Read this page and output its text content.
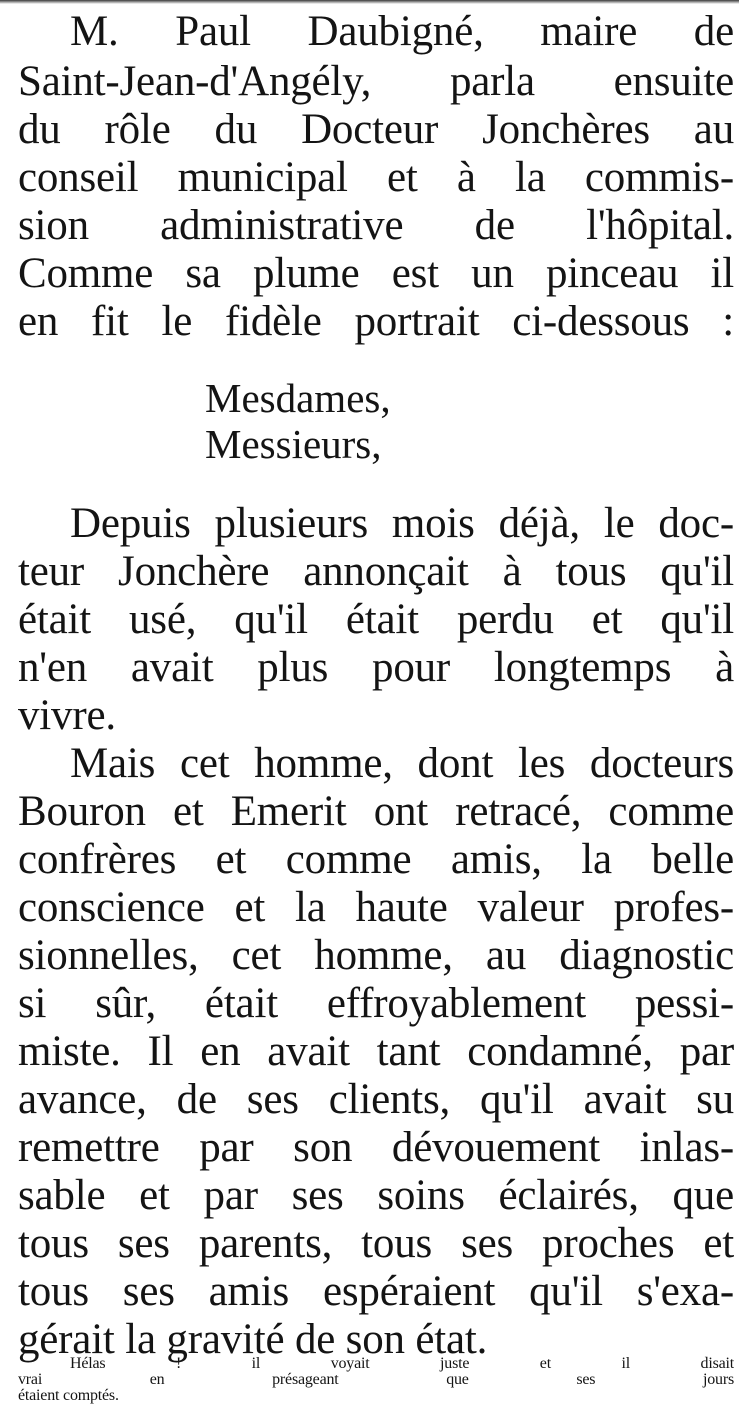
M. Paul Daubigné, maire de
Saint-Jean-d'Angély, parla ensuite
du rôle du Docteur Jonchères au
conseil municipal et à la commis-
sion administrative de l'hôpital.
Comme sa plume est un pinceau il
en fit le fidèle portrait ci-dessous :
Mesdames,
Messieurs,
Depuis plusieurs mois déjà, le doc-
teur Jonchère annonçait à tous qu'il
était usé, qu'il était perdu et qu'il
n'en avait plus pour longtemps à
vivre.
Mais cet homme, dont les docteurs
Bouron et Emerit ont retracé, comme
confrères et comme amis, la belle
conscience et la haute valeur profes-
sionnelles, cet homme, au diagnostic
si sûr, était effroyablement pessi-
miste. Il en avait tant condamné, par
avance, de ses clients, qu'il avait su
remettre par son dévouement inlas-
sable et par ses soins éclairés, que
tous ses parents, tous ses proches et
tous ses amis espéraient qu'il s'exa-
gérait la gravité de son état.
Hélas ! il voyait juste et il disait
vrai en présageant que ses jours
étaient comptés.
